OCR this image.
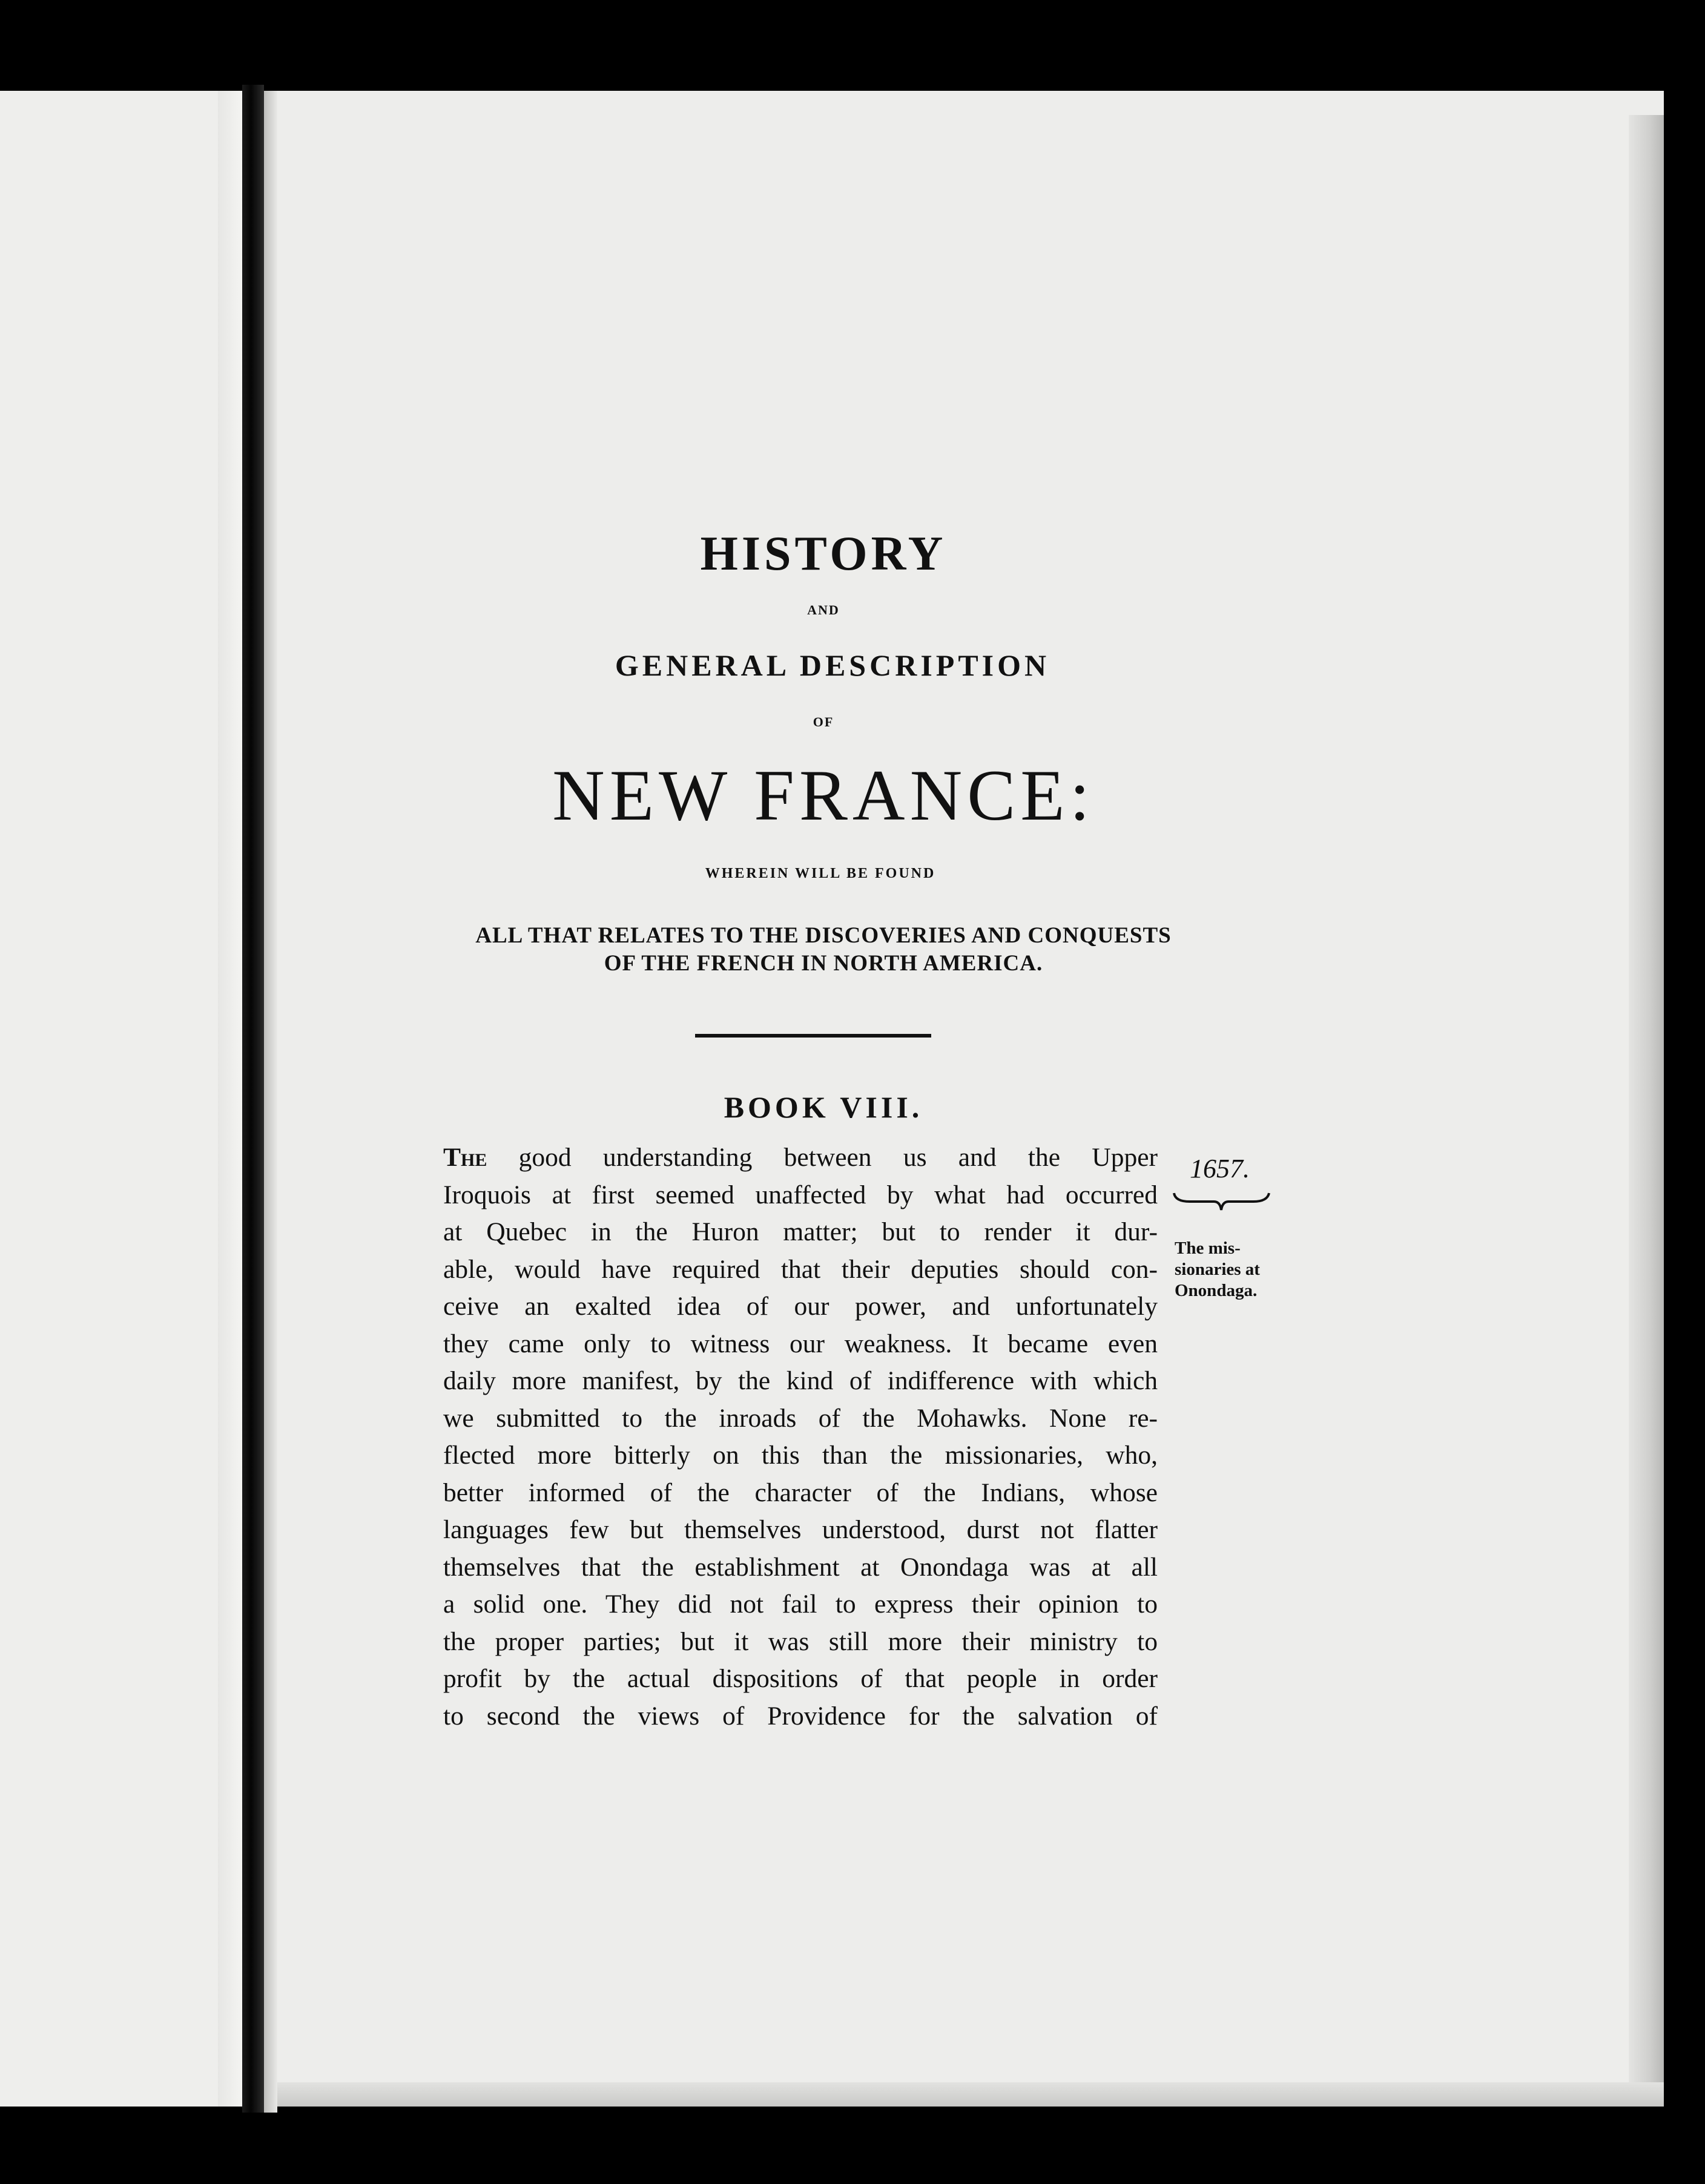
HISTORY
AND
GENERAL DESCRIPTION
OF
NEW FRANCE:
WHEREIN WILL BE FOUND
ALL THAT RELATES TO THE DISCOVERIES AND CONQUESTS
OF THE FRENCH IN NORTH AMERICA.
BOOK VIII.
The good understanding between us and the Upper
Iroquois at first seemed unaffected by what had occurred
at Quebec in the Huron matter; but to render it dur-
able, would have required that their deputies should con-
ceive an exalted idea of our power, and unfortunately
they came only to witness our weakness. It became even
daily more manifest, by the kind of indifference with which
we submitted to the inroads of the Mohawks. None re-
flected more bitterly on this than the missionaries, who,
better informed of the character of the Indians, whose
languages few but themselves understood, durst not flatter
themselves that the establishment at Onondaga was at all
a solid one. They did not fail to express their opinion to
the proper parties; but it was still more their ministry to
profit by the actual dispositions of that people in order
to second the views of Providence for the salvation of
1657.
The mis-
sionaries at
Onondaga.
